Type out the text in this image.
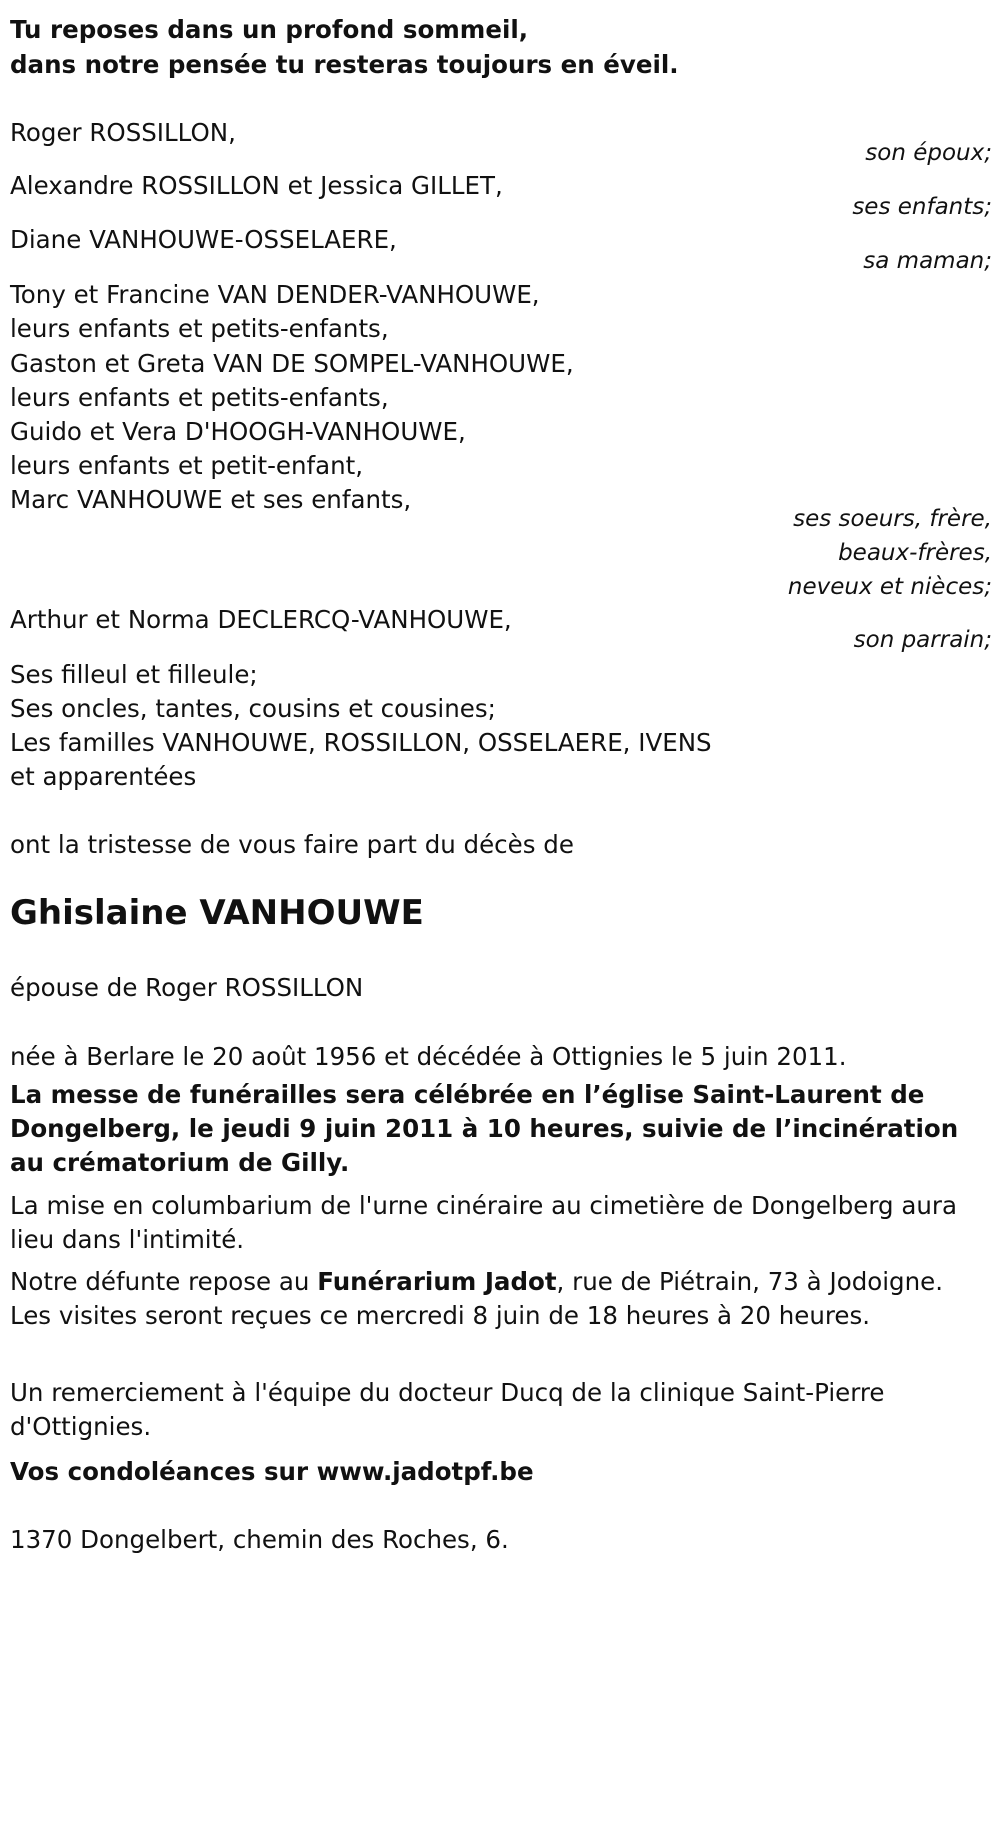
Tu reposes dans un profond sommeil,

dans notre pensée tu resteras toujours en éveil.

Roger ROSSILLON,

son époux;

Alexandre ROSSILLON et Jessica GILLET,

ses enfants;

Diane VANHOUWE-OSSELAERE,

sa maman;

Tony et Francine VAN DENDER-VANHOUWE,

leurs enfants et petits-enfants,

Gaston et Greta VAN DE SOMPEL-VANHOUWE,

leurs enfants et petits-enfants,

Guido et Vera D'HOOGH-VANHOUWE,

leurs enfants et petit-enfant,

Marc VANHOUWE et ses enfants,

ses soeurs, frère,

beaux-frères,

neveux et nièces;

Arthur et Norma DECLERCQ-VANHOUWE,

son parrain;

Ses filleul et filleule;

Ses oncles, tantes, cousins et cousines;

Les familles VANHOUWE, ROSSILLON, OSSELAERE, IVENS

et apparentées

ont la tristesse de vous faire part du décès de

Ghislaine VANHOUWE

épouse de Roger ROSSILLON

née à Berlare le 20 août 1956 et décédée à Ottignies le 5 juin 2011.

La messe de funérailles sera célébrée en l’église Saint-Laurent de Dongelberg, le jeudi 9 juin 2011 à 10 heures, suivie de l’incinération au crématorium de Gilly.

La mise en columbarium de l'urne cinéraire au cimetière de Dongelberg aura lieu dans l'intimité.

Notre défunte repose au Funérarium Jadot, rue de Piétrain, 73 à Jodoigne. Les visites seront reçues ce mercredi 8 juin de 18 heures à 20 heures.

Un remerciement à l'équipe du docteur Ducq de la clinique Saint-Pierre d'Ottignies.

Vos condoléances sur www.jadotpf.be

1370 Dongelbert, chemin des Roches, 6.
